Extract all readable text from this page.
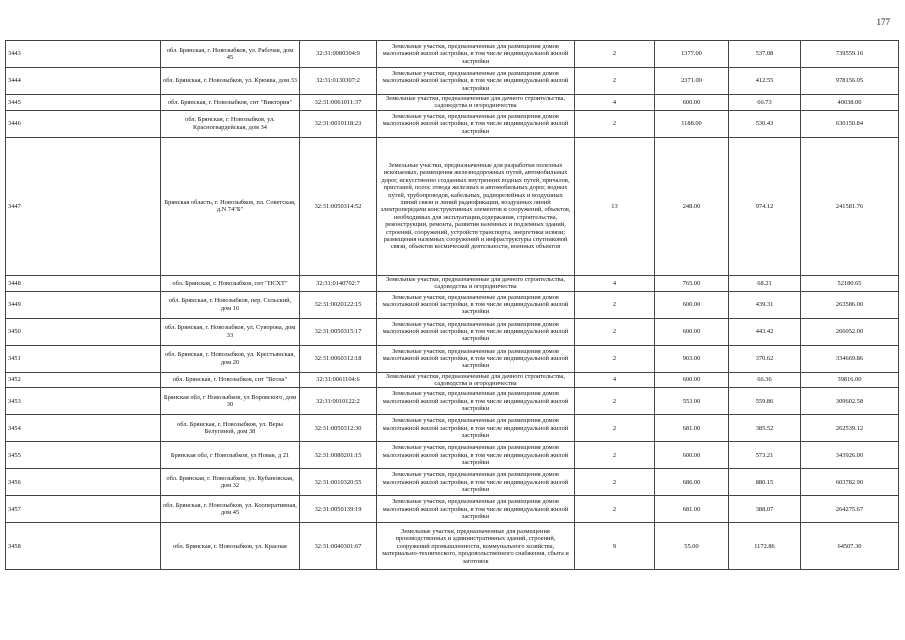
177
3443	обл. Брянская, г. Новозыбков, ул. Рабочая, дом 45	32:31:0080304:9	Земельные участки, предназначенные для размещения домов малоэтажной жилой застройки, в том числе индивидуальной жилой застройки	2	1377.00	537.08	739559.16
3444	обл. Брянская, г. Новозыбков, ул. Крюква, дом 33	32:31:0130307:2	Земельные участки, предназначенные для размещения домов малоэтажной жилой застройки, в том числе индивидуальной жилой застройки	2	2371.00	412.55	978156.05
3445	обл. Брянская, г. Новозыбков, снт "Виктория"	32:31:0061011:37	Земельные участки, предназначенные для дачного строительства, садоводства и огородничества	4	600.00	66.73	40038.00
3446	обл. Брянская, г. Новозыбков, ул. Красногвардейская, дом 34	32:31:0010118:23	Земельные участки, предназначенные для размещения домов малоэтажной жилой застройки, в том числе индивидуальной жилой застройки	2	1188.00	530.43	630150.84
3447	Брянская область, г. Новозыбков, пл. Советская, д.N 74"Б"	32:31:0050314:52	Земельные участки, предназначенные для разработки полезных ископаемых, размещения железнодорожных путей, автомобильных дорог, искусственно созданных внутренних водных путей, причалов, пристаней, полос отвода железных и автомобильных дорог, водных путей, трубопроводов, кабельных, радиорелейных и воздушных линий связи и линий радиофикации, воздушных линий электропередачи конструктивных элементов и сооружений, объектов, необходимых для эксплуатации,содержания, строительства, реконструкции, ремонта, развития наземных и подземных зданий, строений, сооружений, устройств транспорта, энергетики исвязи; размещения наземных сооружений и инфраструктуры спутниковой связи, объектов космической деятельности, военных объектов	13	248.00	974.12	241581.76
3448	обл. Брянская, г. Новозыбков, снт "НСХТ"	32:31:0140702:7	Земельные участки, предназначенные для дачного строительства, садоводства и огородничества	4	765.00	68.21	52180.65
3449	обл. Брянская, г. Новозыбков, пер. Сельский, дом 16	32:31:0020122:15	Земельные участки, предназначенные для размещения домов малоэтажной жилой застройки, в том числе индивидуальной жилой застройки	2	600.00	439.31	263586.00
3450	обл. Брянская, г. Новозыбков, ул. Суворова, дом 33	32:31:0050315:17	Земельные участки, предназначенные для размещения домов малоэтажной жилой застройки, в том числе индивидуальной жилой застройки	2	600.00	443.42	266052.00
3451	обл. Брянская, г. Новозыбков, ул. Крестьянская, дом 20	32:31:0060312:18	Земельные участки, предназначенные для размещения домов малоэтажной жилой застройки, в том числе индивидуальной жилой застройки	2	903.00	370.62	334669.86
3452	обл. Брянская, г. Новозыбков, снт "Весна"	32:31:0061104:6	Земельные участки, предназначенные для дачного строительства, садоводства и огородничества	4	600.00	66.36	39816.00
3453	Брянская обл, г Новозыбков, ул Воровского, дом 30	32:31:0010122:2	Земельные участки, предназначенные для размещения домов малоэтажной жилой застройки, в том числе индивидуальной жилой застройки	2	553.00	559.86	309602.58
3454	обл. Брянская, г. Новозыбков, ул. Веры Белугиной, дом 38	32:31:0050312:30	Земельные участки, предназначенные для размещения домов малоэтажной жилой застройки, в том числе индивидуальной жилой застройки	2	681.00	385.52	262539.12
3455	Брянская обл, г Новозыбков, ул Новая, д 21	32:31:0080201:15	Земельные участки, предназначенные для размещения домов малоэтажной жилой застройки, в том числе индивидуальной жилой застройки	2	600.00	573.21	343926.00
3456	обл. Брянская, г. Новозыбков, ул. Кубановская, дом 32	32:31:0010320:55	Земельные участки, предназначенные для размещения домов малоэтажной жилой застройки, в том числе индивидуальной жилой застройки	2	686.00	880.15	603782.90
3457	обл. Брянская, г. Новозыбков, ул. Кооперативная, дом 45	32:31:0050139:19	Земельные участки, предназначенные для размещения домов малоэтажной жилой застройки, в том числе индивидуальной жилой застройки	2	681.00	388.07	264275.67
3458	обл. Брянская, г. Новозыбков, ул. Красная	32:31:0040301:67	Земельные участки, предназначенные для размещения производственных и административных зданий, строений, сооружений промышленности, коммунального хозяйства, материально-технического, продовольственного снабжения, сбыта и заготовок	9	55.00	1172.86	64507.30
